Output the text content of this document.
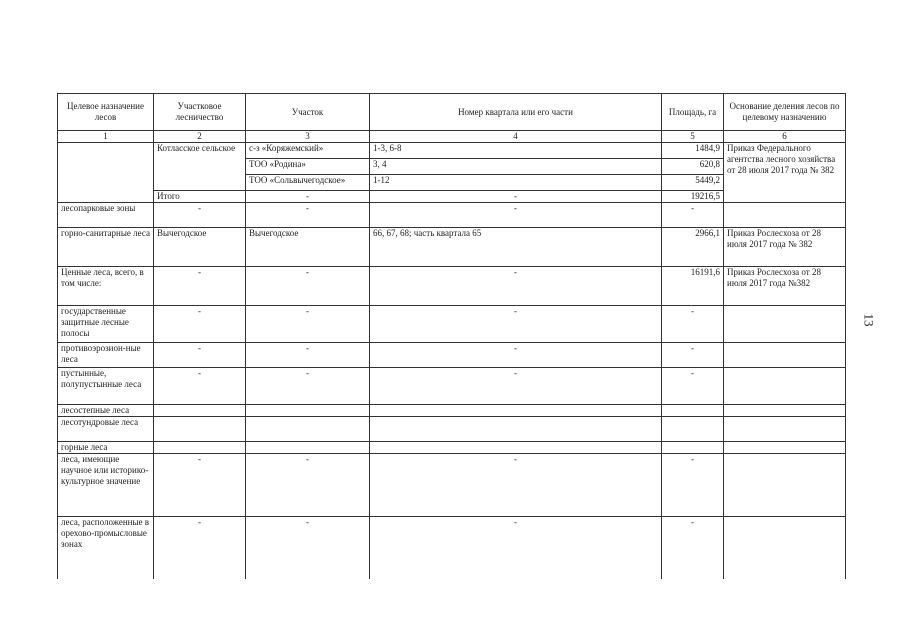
Целевое назначение лесов	Участковое лесничество	Участок	Номер квартала или его части	Площадь, га	Основание деления лесов по целевому назначению
1	2	3	4	5	6
	Котласское сельское	с-з «Коряжемский»	1-3, 6-8	1484,9	Приказ Федерального агентства лесного хозяйства от 28 июля 2017 года № 382
		ТОО «Родина»	3, 4	620,8	
		ТОО «Сольвычегодское»	1-12	5449,2	
	Итого	-	-	19216,5	
лесопарковые зоны	-	-	-	-	
горно-санитарные леса	Вычегодское	Вычегодское	66, 67, 68; часть квартала 65	2966,1	Приказ Рослесхоза от 28 июля 2017 года № 382
Ценные леса, всего, в том числе:	-	-	-	16191,6	Приказ Рослесхоза от 28 июля 2017 года №382
государственные защитные лесные полосы	-	-	-	-	
противоэрозион-ные леса	-	-	-	-	
пустынные, полупустынные леса	-	-	-	-	
лесостепные леса					
лесотундровые леса					
горные леса					
леса, имеющие научное или историко-культурное значение	-	-	-	-	
леса, расположенные в орехово-промысловые зонах	-	-	-	-	
13
